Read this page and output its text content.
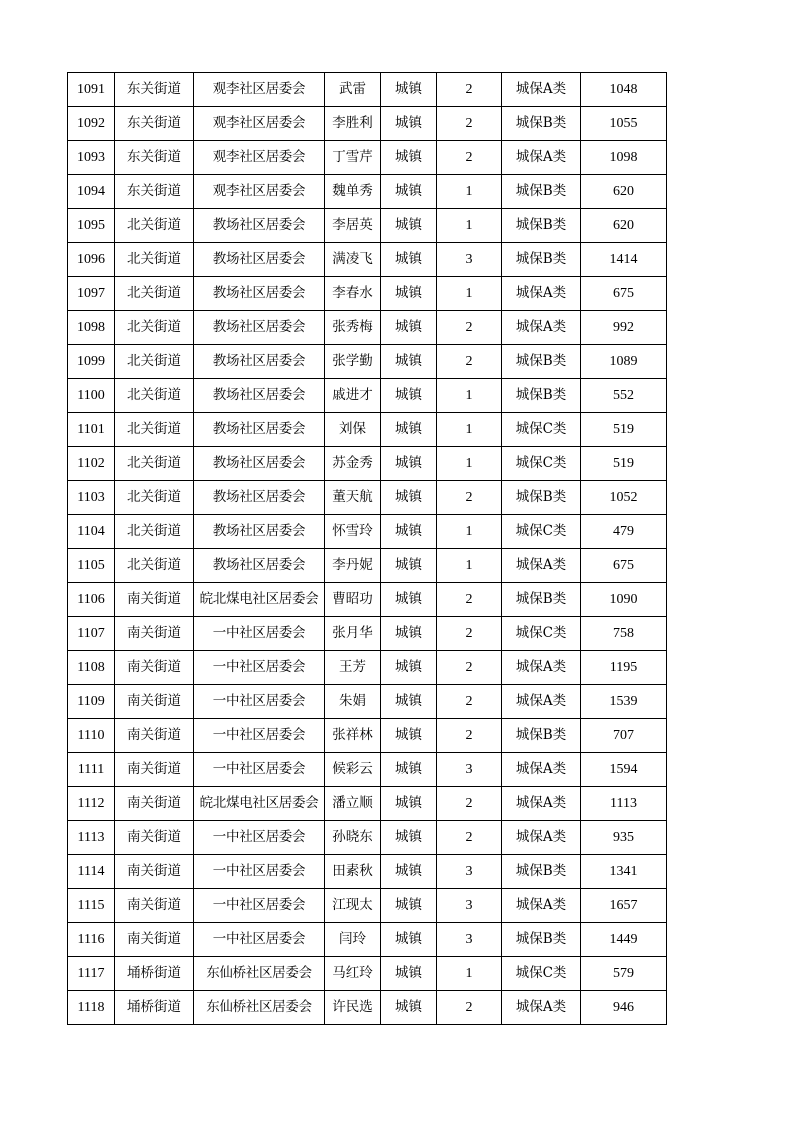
1091	东关街道	观李社区居委会	武雷	城镇	2	城保A类	1048
1092	东关街道	观李社区居委会	李胜利	城镇	2	城保B类	1055
1093	东关街道	观李社区居委会	丁雪芹	城镇	2	城保A类	1098
1094	东关街道	观李社区居委会	魏单秀	城镇	1	城保B类	620
1095	北关街道	教场社区居委会	李居英	城镇	1	城保B类	620
1096	北关街道	教场社区居委会	满凌飞	城镇	3	城保B类	1414
1097	北关街道	教场社区居委会	李春水	城镇	1	城保A类	675
1098	北关街道	教场社区居委会	张秀梅	城镇	2	城保A类	992
1099	北关街道	教场社区居委会	张学勤	城镇	2	城保B类	1089
1100	北关街道	教场社区居委会	戚进才	城镇	1	城保B类	552
1101	北关街道	教场社区居委会	刘保	城镇	1	城保C类	519
1102	北关街道	教场社区居委会	苏金秀	城镇	1	城保C类	519
1103	北关街道	教场社区居委会	董天航	城镇	2	城保B类	1052
1104	北关街道	教场社区居委会	怀雪玲	城镇	1	城保C类	479
1105	北关街道	教场社区居委会	李丹妮	城镇	1	城保A类	675
1106	南关街道	皖北煤电社区居委会	曹昭功	城镇	2	城保B类	1090
1107	南关街道	一中社区居委会	张月华	城镇	2	城保C类	758
1108	南关街道	一中社区居委会	王芳	城镇	2	城保A类	1195
1109	南关街道	一中社区居委会	朱娟	城镇	2	城保A类	1539
1110	南关街道	一中社区居委会	张祥林	城镇	2	城保B类	707
1111	南关街道	一中社区居委会	候彩云	城镇	3	城保A类	1594
1112	南关街道	皖北煤电社区居委会	潘立顺	城镇	2	城保A类	1113
1113	南关街道	一中社区居委会	孙晓东	城镇	2	城保A类	935
1114	南关街道	一中社区居委会	田素秋	城镇	3	城保B类	1341
1115	南关街道	一中社区居委会	江现太	城镇	3	城保A类	1657
1116	南关街道	一中社区居委会	闫玲	城镇	3	城保B类	1449
1117	埇桥街道	东仙桥社区居委会	马红玲	城镇	1	城保C类	579
1118	埇桥街道	东仙桥社区居委会	许民选	城镇	2	城保A类	946
